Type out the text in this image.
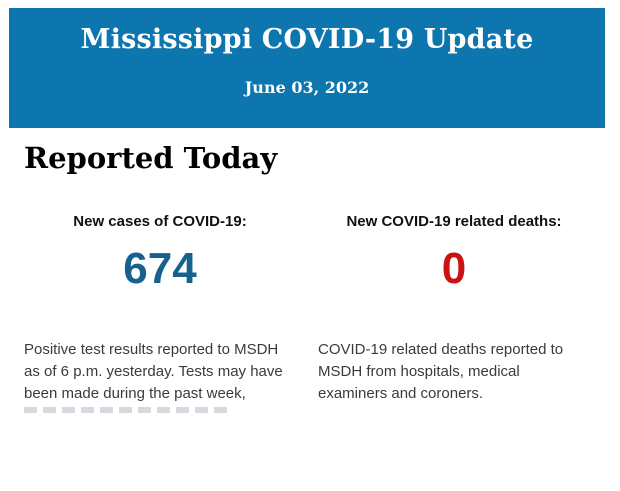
Mississippi COVID-19 Update
June 03, 2022
Reported Today
New cases of COVID-19:
674
New COVID-19 related deaths:
0
Positive test results reported to MSDH as of 6 p.m. yesterday. Tests may have been made during the past week,
COVID-19 related deaths reported to MSDH from hospitals, medical examiners and coroners.
